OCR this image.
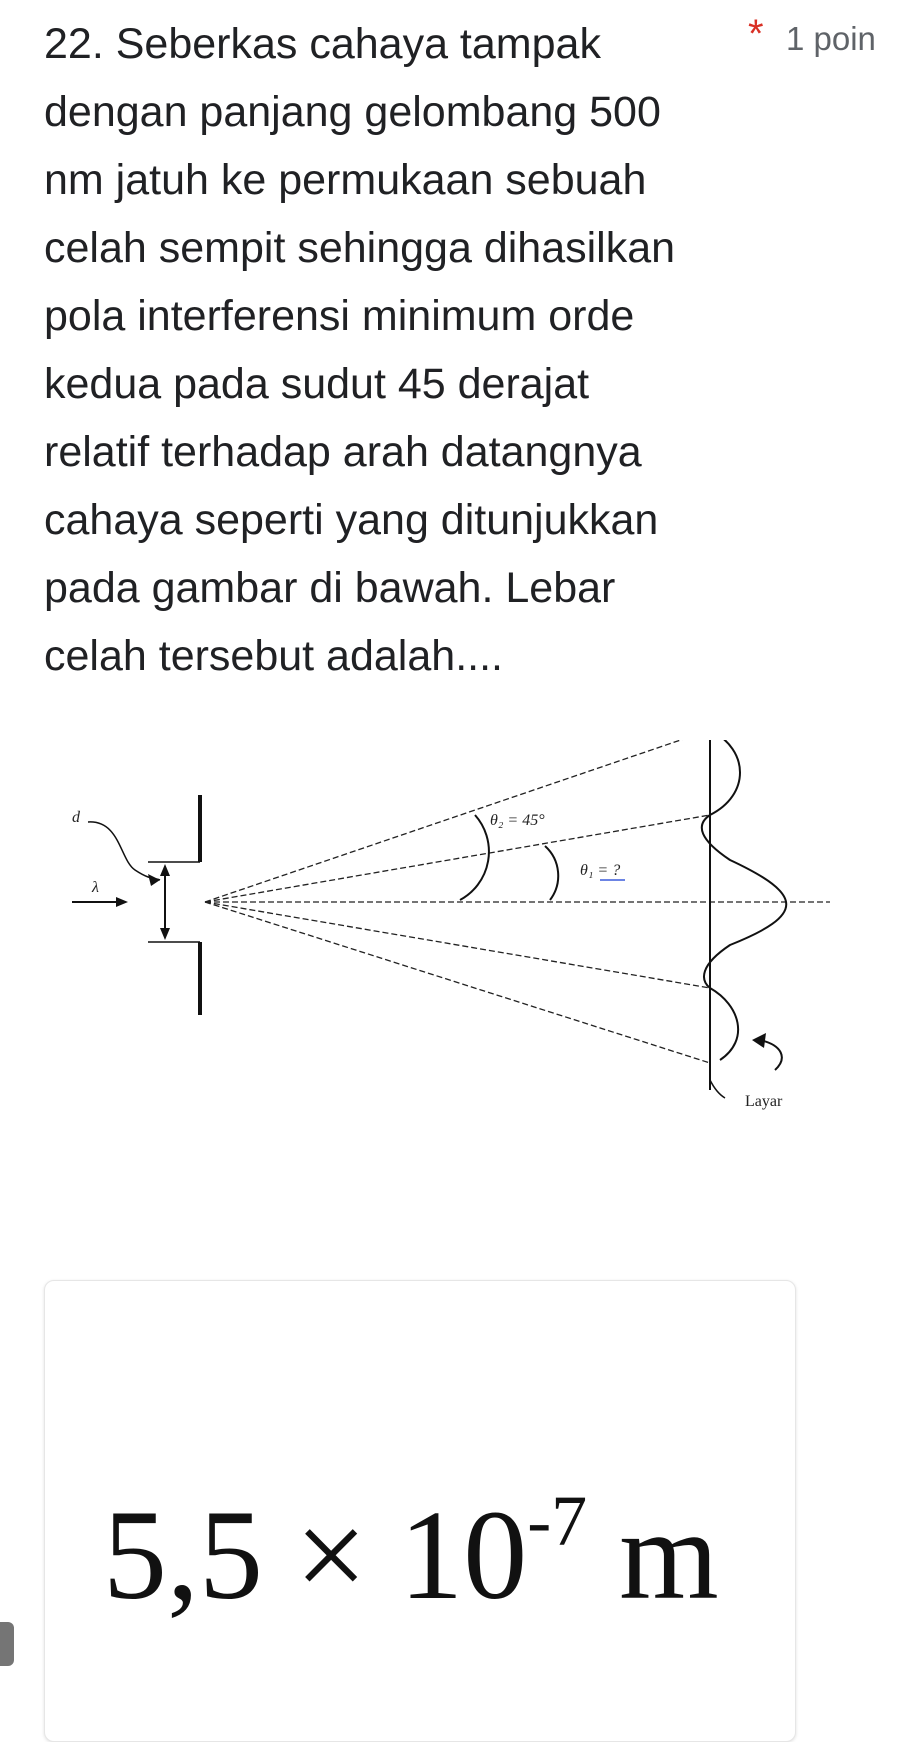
22. Seberkas cahaya tampak
dengan panjang gelombang 500
nm jatuh ke permukaan sebuah
celah sempit sehingga dihasilkan
pola interferensi minimum orde
kedua pada sudut 45 derajat
relatif terhadap arah datangnya
cahaya seperti yang ditunjukkan
pada gambar di bawah. Lebar
celah tersebut adalah....

* 1 poin
d
λ
θ₂ = 45°
θ₁ = ?
Layar
$5,5 \times 10^{-7}$ m
